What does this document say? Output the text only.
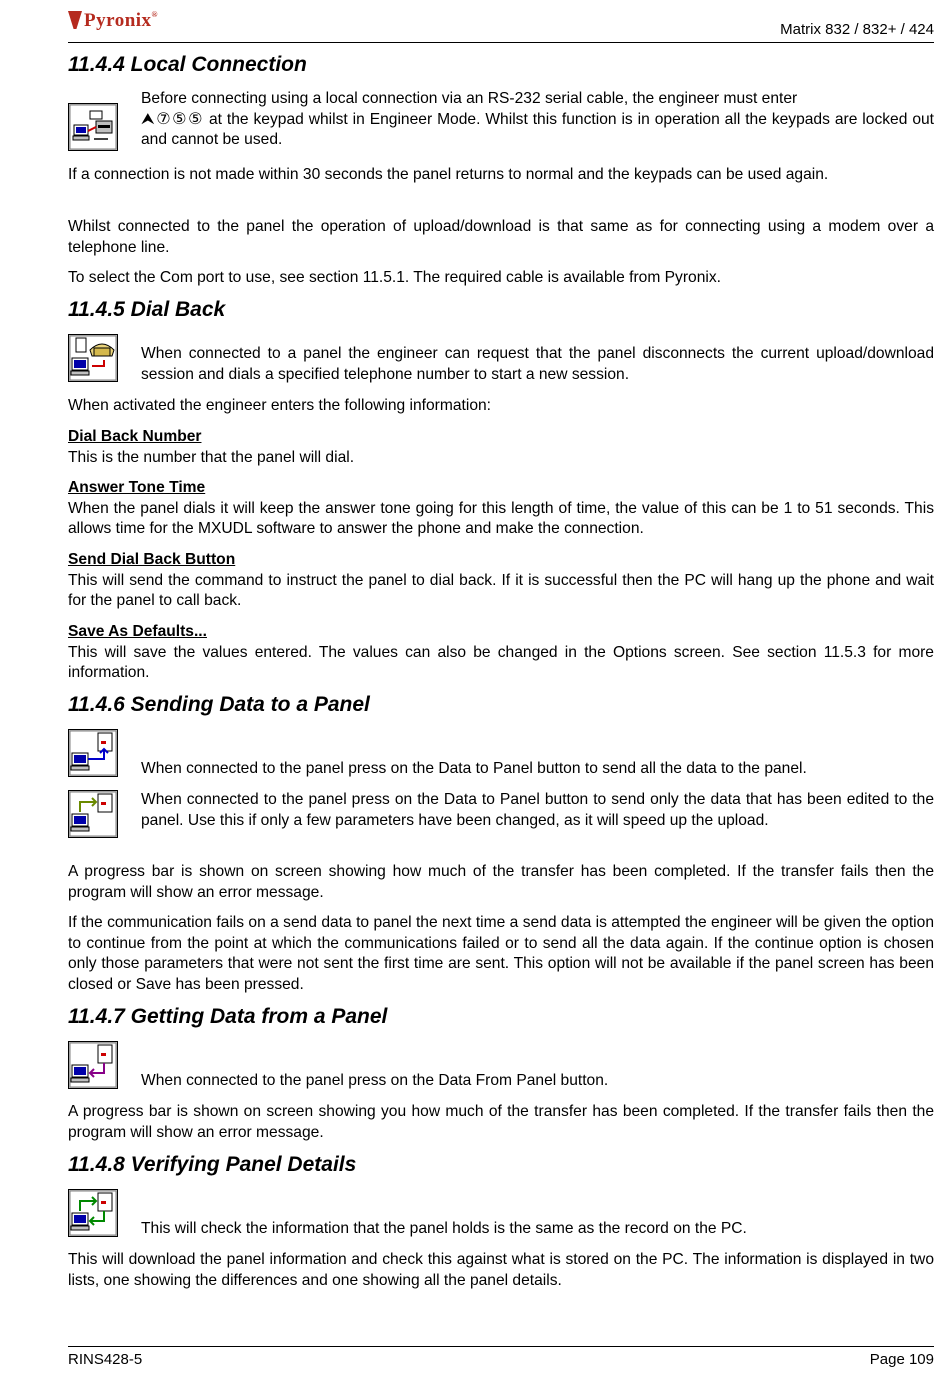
Pyronix®
Matrix 832 / 832+ / 424
11.4.4 Local Connection

Before connecting using a local connection via an RS-232 serial cable, the engineer must enter
⮝⑦⑤⑤ at the keypad whilst in Engineer Mode. Whilst this function is in operation all the keypads are locked out and cannot be used.

If a connection is not made within 30 seconds the panel returns to normal and the keypads can be used again.

Whilst connected to the panel the operation of upload/download is that same as for connecting using a modem over a telephone line.

To select the Com port to use, see section 11.5.1. The required cable is available from Pyronix.

11.4.5 Dial Back

When connected to a panel the engineer can request that the panel disconnects the current upload/download session and dials a specified telephone number to start a new session.

When activated the engineer enters the following information:

Dial Back Number
This is the number that the panel will dial.

Answer Tone Time
When the panel dials it will keep the answer tone going for this length of time, the value of this can be 1 to 51 seconds. This allows time for the MXUDL software to answer the phone and make the connection.

Send Dial Back Button
This will send the command to instruct the panel to dial back. If it is successful then the PC will hang up the phone and wait for the panel to call back.

Save As Defaults...
This will save the values entered. The values can also be changed in the Options screen. See section 11.5.3 for more information.

11.4.6 Sending Data to a Panel

When connected to the panel press on the Data to Panel button to send all the data to the panel.

When connected to the panel press on the Data to Panel button to send only the data that has been edited to the panel. Use this if only a few parameters have been changed, as it will speed up the upload.

A progress bar is shown on screen showing how much of the transfer has been completed. If the transfer fails then the program will show an error message.

If the communication fails on a send data to panel the next time a send data is attempted the engineer will be given the option to continue from the point at which the communications failed or to send all the data again. If the continue option is chosen only those parameters that were not sent the first time are sent. This option will not be available if the panel screen has been closed or Save has been pressed.

11.4.7 Getting Data from a Panel

When connected to the panel press on the Data From Panel button.

A progress bar is shown on screen showing you how much of the transfer has been completed. If the transfer fails then the program will show an error message.

11.4.8 Verifying Panel Details

This will check the information that the panel holds is the same as the record on the PC.

This will download the panel information and check this against what is stored on the PC. The information is displayed in two lists, one showing the differences and one showing all the panel details.

RINS428-5	Page 109
